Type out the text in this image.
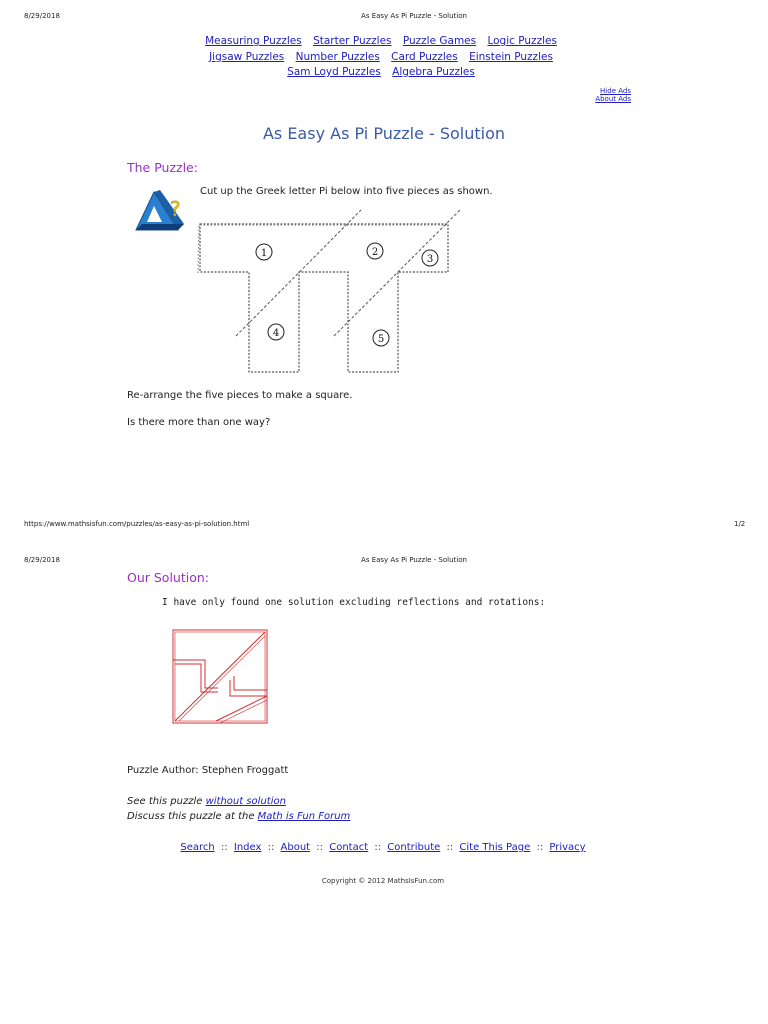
8/29/2018	As Easy As Pi Puzzle - Solution
Measuring Puzzles Starter Puzzles Puzzle Games Logic Puzzles
Jigsaw Puzzles Number Puzzles Card Puzzles Einstein Puzzles
Sam Loyd Puzzles Algebra Puzzles
Hide Ads
About Ads
As Easy As Pi Puzzle - Solution
The Puzzle:
?
Cut up the Greek letter Pi below into five pieces as shown.
1	2
3
4
5
Re-arrange the five pieces to make a square.
Is there more than one way?
https://www.mathsisfun.com/puzzles/as-easy-as-pi-solution.html	1/2
8/29/2018	As Easy As Pi Puzzle - Solution
Our Solution:
I have only found one solution excluding reflections and rotations:
Puzzle Author: Stephen Froggatt
See this puzzle without solution
Discuss this puzzle at the Math is Fun Forum
Search :: Index :: About :: Contact :: Contribute :: Cite This Page :: Privacy
Copyright © 2012 MathsIsFun.com
